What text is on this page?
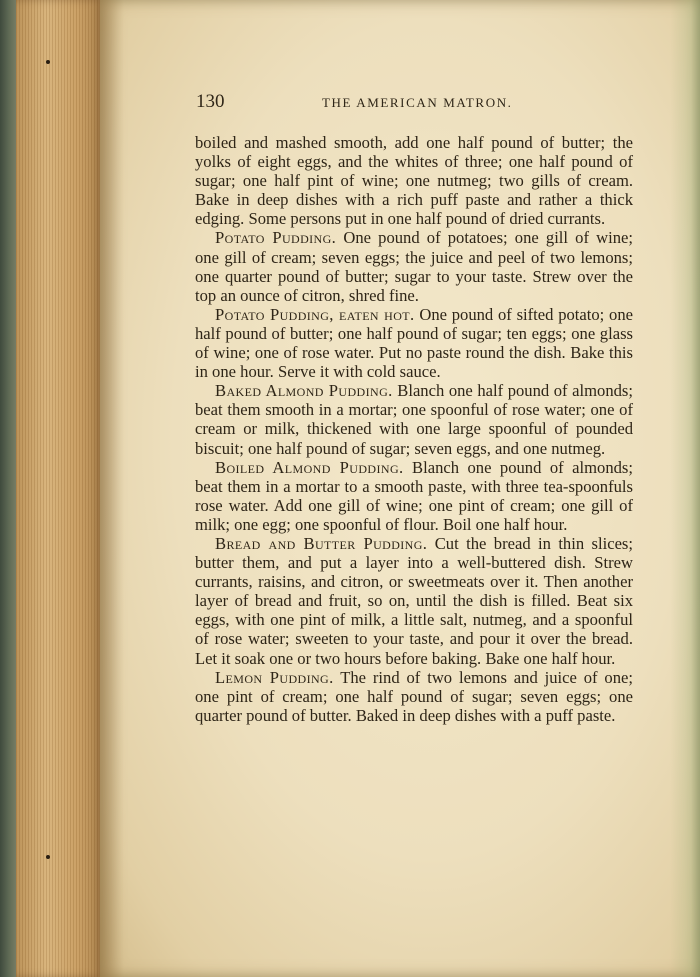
130	THE AMERICAN MATRON.

boiled and mashed smooth, add one half pound of butter; the yolks of eight eggs, and the whites of three; one half pound of sugar; one half pint of wine; one nutmeg; two gills of cream. Bake in deep dishes with a rich puff paste and rather a thick edging. Some persons put in one half pound of dried currants.

Potato Pudding. One pound of potatoes; one gill of wine; one gill of cream; seven eggs; the juice and peel of two lemons; one quarter pound of butter; sugar to your taste. Strew over the top an ounce of citron, shred fine.

Potato Pudding, eaten hot. One pound of sifted potato; one half pound of butter; one half pound of sugar; ten eggs; one glass of wine; one of rose water. Put no paste round the dish. Bake this in one hour. Serve it with cold sauce.

Baked Almond Pudding. Blanch one half pound of almonds; beat them smooth in a mortar; one spoonful of rose water; one of cream or milk, thickened with one large spoonful of pounded biscuit; one half pound of sugar; seven eggs, and one nutmeg.

Boiled Almond Pudding. Blanch one pound of almonds; beat them in a mortar to a smooth paste, with three tea-spoonfuls rose water. Add one gill of wine; one pint of cream; one gill of milk; one egg; one spoonful of flour. Boil one half hour.

Bread and Butter Pudding. Cut the bread in thin slices; butter them, and put a layer into a well-buttered dish. Strew currants, raisins, and citron, or sweetmeats over it. Then another layer of bread and fruit, so on, until the dish is filled. Beat six eggs, with one pint of milk, a little salt, nutmeg, and a spoonful of rose water; sweeten to your taste, and pour it over the bread. Let it soak one or two hours before baking. Bake one half hour.

Lemon Pudding. The rind of two lemons and juice of one; one pint of cream; one half pound of sugar; seven eggs; one quarter pound of butter. Baked in deep dishes with a puff paste.
